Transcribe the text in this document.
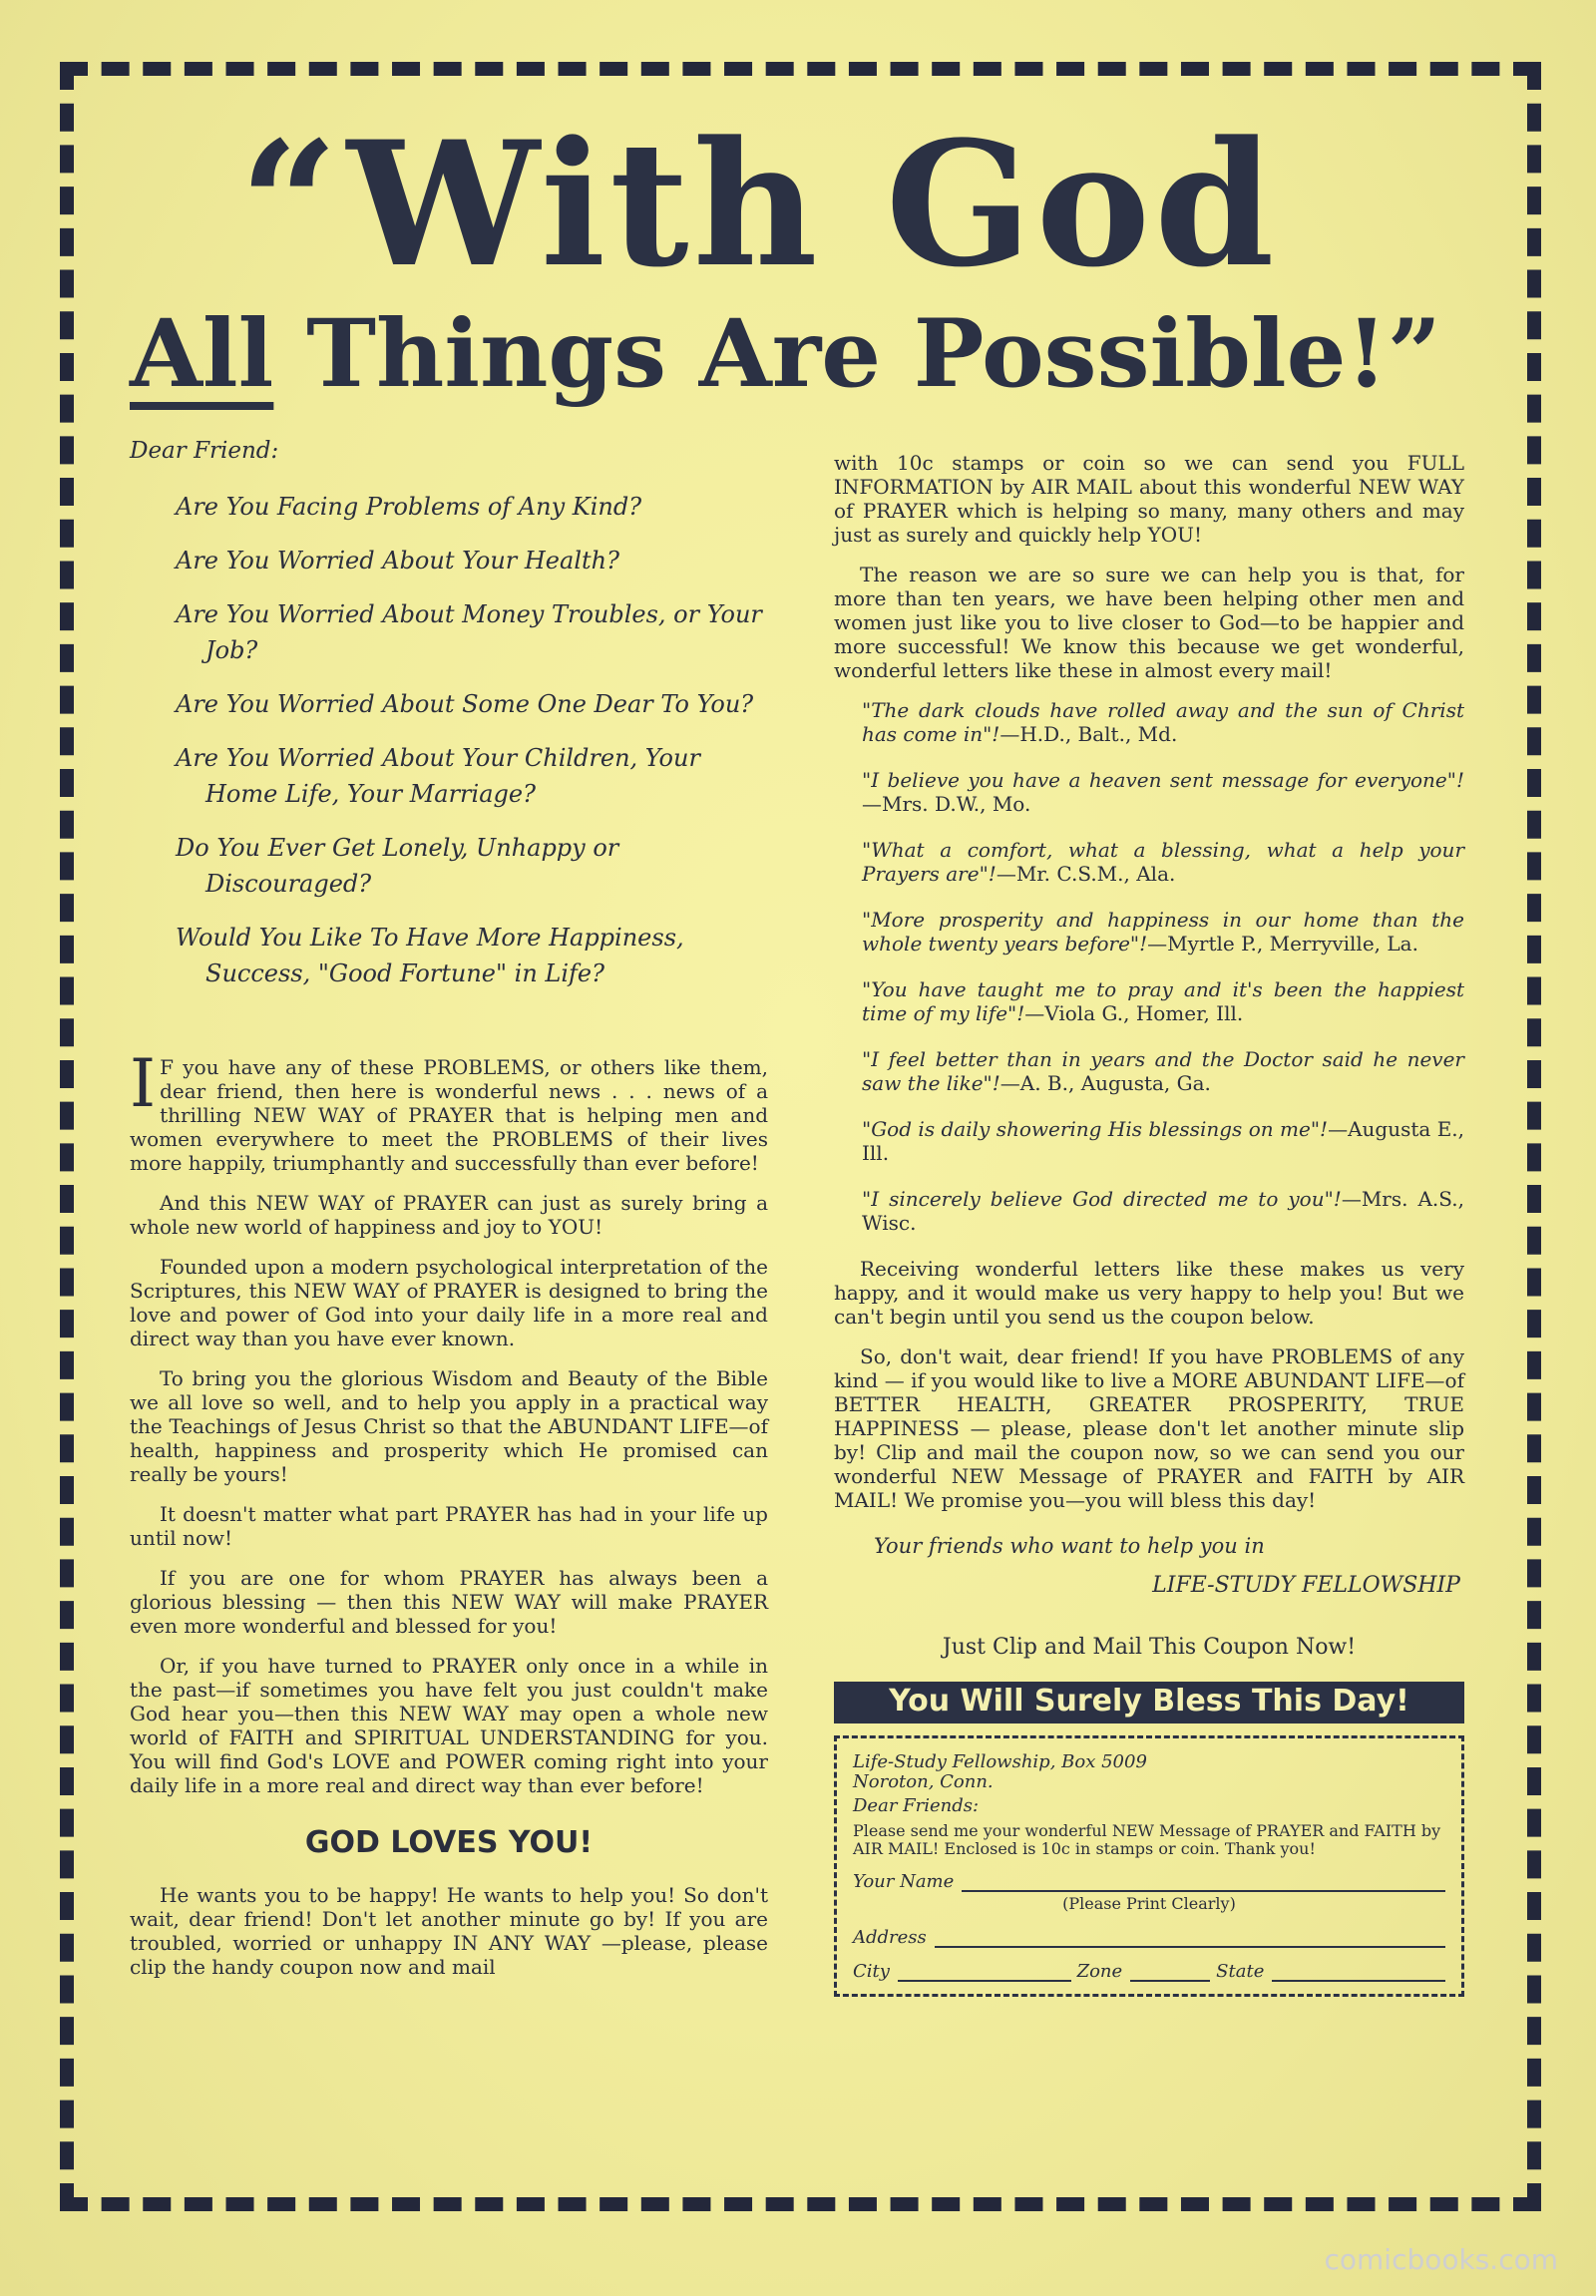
“With God
All Things Are Possible!”
Dear Friend:
Are You Facing Problems of Any Kind?
Are You Worried About Your Health?
Are You Worried About Money Troubles, or Your Job?
Are You Worried About Some One Dear To You?
Are You Worried About Your Children, Your Home Life, Your Marriage?
Do You Ever Get Lonely, Unhappy or Discouraged?
Would You Like To Have More Happiness, Success, "Good Fortune" in Life?
I F you have any of these PROBLEMS, or others like them, dear friend, then here is wonderful news . . . news of a thrilling NEW WAY of PRAYER that is helping men and women everywhere to meet the PROBLEMS of their lives more happily, triumphantly and successfully than ever before!
And this NEW WAY of PRAYER can just as surely bring a whole new world of happiness and joy to YOU!
Founded upon a modern psychological interpretation of the Scriptures, this NEW WAY of PRAYER is designed to bring the love and power of God into your daily life in a more real and direct way than you have ever known.
To bring you the glorious Wisdom and Beauty of the Bible we all love so well, and to help you apply in a practical way the Teachings of Jesus Christ so that the ABUNDANT LIFE—of health, happiness and prosperity which He promised can really be yours!
It doesn't matter what part PRAYER has had in your life up until now!
If you are one for whom PRAYER has always been a glorious blessing — then this NEW WAY will make PRAYER even more wonderful and blessed for you!
Or, if you have turned to PRAYER only once in a while in the past—if sometimes you have felt you just couldn't make God hear you—then this NEW WAY may open a whole new world of FAITH and SPIRITUAL UNDERSTANDING for you. You will find God's LOVE and POWER coming right into your daily life in a more real and direct way than ever before!
GOD LOVES YOU!
He wants you to be happy! He wants to help you! So don't wait, dear friend! Don't let another minute go by! If you are troubled, worried or unhappy IN ANY WAY —please, please clip the handy coupon now and mail
with 10c stamps or coin so we can send you FULL INFORMATION by AIR MAIL about this wonderful NEW WAY of PRAYER which is helping so many, many others and may just as surely and quickly help YOU!
The reason we are so sure we can help you is that, for more than ten years, we have been helping other men and women just like you to live closer to God—to be happier and more successful! We know this because we get wonderful, wonderful letters like these in almost every mail!
"The dark clouds have rolled away and the sun of Christ has come in"!—H.D., Balt., Md.
"I believe you have a heaven sent message for everyone"!—Mrs. D.W., Mo.
"What a comfort, what a blessing, what a help your Prayers are"!—Mr. C.S.M., Ala.
"More prosperity and happiness in our home than the whole twenty years before"!—Myrtle P., Merryville, La.
"You have taught me to pray and it's been the happiest time of my life"!—Viola G., Homer, Ill.
"I feel better than in years and the Doctor said he never saw the like"!—A. B., Augusta, Ga.
"God is daily showering His blessings on me"!—Augusta E., Ill.
"I sincerely believe God directed me to you"!—Mrs. A.S., Wisc.
Receiving wonderful letters like these makes us very happy, and it would make us very happy to help you! But we can't begin until you send us the coupon below.
So, don't wait, dear friend! If you have PROBLEMS of any kind — if you would like to live a MORE ABUNDANT LIFE—of BETTER HEALTH, GREATER PROSPERITY, TRUE HAPPINESS — please, please don't let another minute slip by! Clip and mail the coupon now, so we can send you our wonderful NEW Message of PRAYER and FAITH by AIR MAIL! We promise you—you will bless this day!
Your friends who want to help you in
LIFE-STUDY FELLOWSHIP
Just Clip and Mail This Coupon Now!
You Will Surely Bless This Day!
Life-Study Fellowship, Box 5009
Noroton, Conn.
Dear Friends:
Please send me your wonderful NEW Message of PRAYER and FAITH by AIR MAIL! Enclosed is 10c in stamps or coin. Thank you!
Your Name
(Please Print Clearly)
Address
City	Zone	State
comicbooks.com
